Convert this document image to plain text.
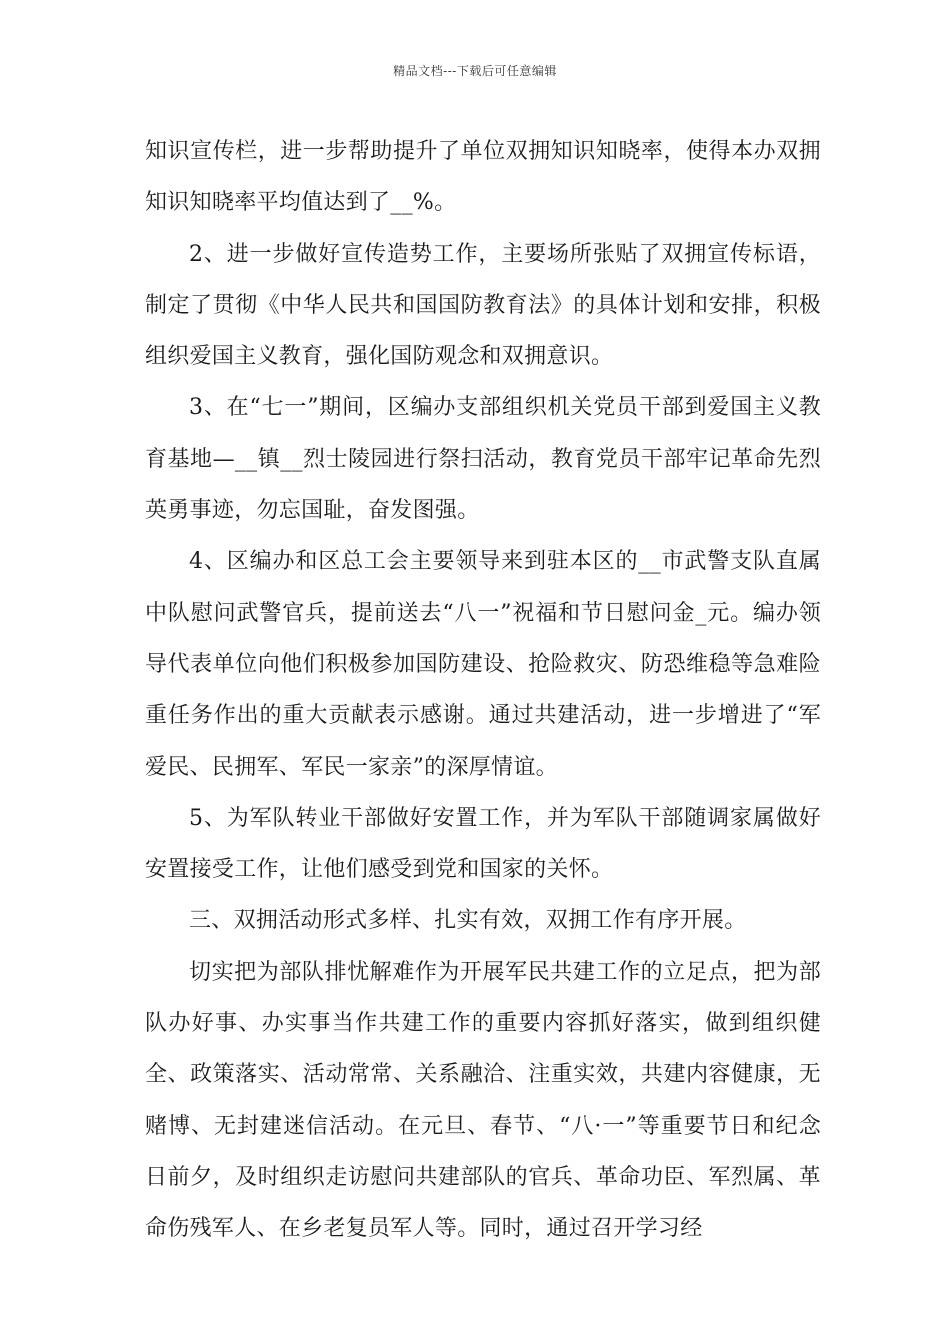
精品文档---下载后可任意编辑

知识宣传栏，进一步帮助提升了单位双拥知识知晓率，使得本办双拥知识知晓率平均值达到了__%。

2、进一步做好宣传造势工作，主要场所张贴了双拥宣传标语，制定了贯彻《中华人民共和国国防教育法》的具体计划和安排，积极组织爱国主义教育，强化国防观念和双拥意识。

3、在“七一”期间，区编办支部组织机关党员干部到爱国主义教育基地—__镇__烈士陵园进行祭扫活动，教育党员干部牢记革命先烈英勇事迹，勿忘国耻，奋发图强。

4、区编办和区总工会主要领导来到驻本区的__市武警支队直属中队慰问武警官兵，提前送去“八一”祝福和节日慰问金_元。编办领导代表单位向他们积极参加国防建设、抢险救灾、防恐维稳等急难险重任务作出的重大贡献表示感谢。通过共建活动，进一步增进了“军爱民、民拥军、军民一家亲”的深厚情谊。

5、为军队转业干部做好安置工作，并为军队干部随调家属做好安置接受工作，让他们感受到党和国家的关怀。

三、双拥活动形式多样、扎实有效，双拥工作有序开展。

切实把为部队排忧解难作为开展军民共建工作的立足点，把为部队办好事、办实事当作共建工作的重要内容抓好落实，做到组织健全、政策落实、活动常常、关系融洽、注重实效，共建内容健康，无赌博、无封建迷信活动。在元旦、春节、“八·一”等重要节日和纪念日前夕，及时组织走访慰问共建部队的官兵、革命功臣、军烈属、革命伤残军人、在乡老复员军人等。同时，通过召开学习经
